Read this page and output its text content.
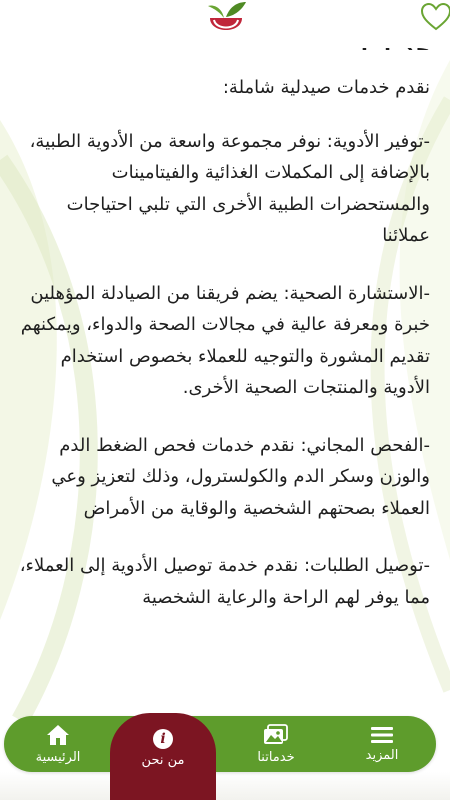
نقدم خدمات صيدلية شاملة:
-توفير الأدوية: نوفر مجموعة واسعة من الأدوية الطبية، بالإضافة إلى المكملات الغذائية والفيتامينات والمستحضرات الطبية الأخرى التي تلبي احتياجات عملائنا
-الاستشارة الصحية: يضم فريقنا من الصيادلة المؤهلين خبرة ومعرفة عالية في مجالات الصحة والدواء، ويمكنهم تقديم المشورة والتوجيه للعملاء بخصوص استخدام الأدوية والمنتجات الصحية الأخرى.
-الفحص المجاني: نقدم خدمات فحص الضغط الدم والوزن وسكر الدم والكولسترول، وذلك لتعزيز وعي العملاء بصحتهم الشخصية والوقاية من الأمراض
-توصيل الطلبات: نقدم خدمة توصيل الأدوية إلى العملاء، مما يوفر لهم الراحة والرعاية الشخصية
المزيد
خدماتنا
الرئيسية
i
من نحن
